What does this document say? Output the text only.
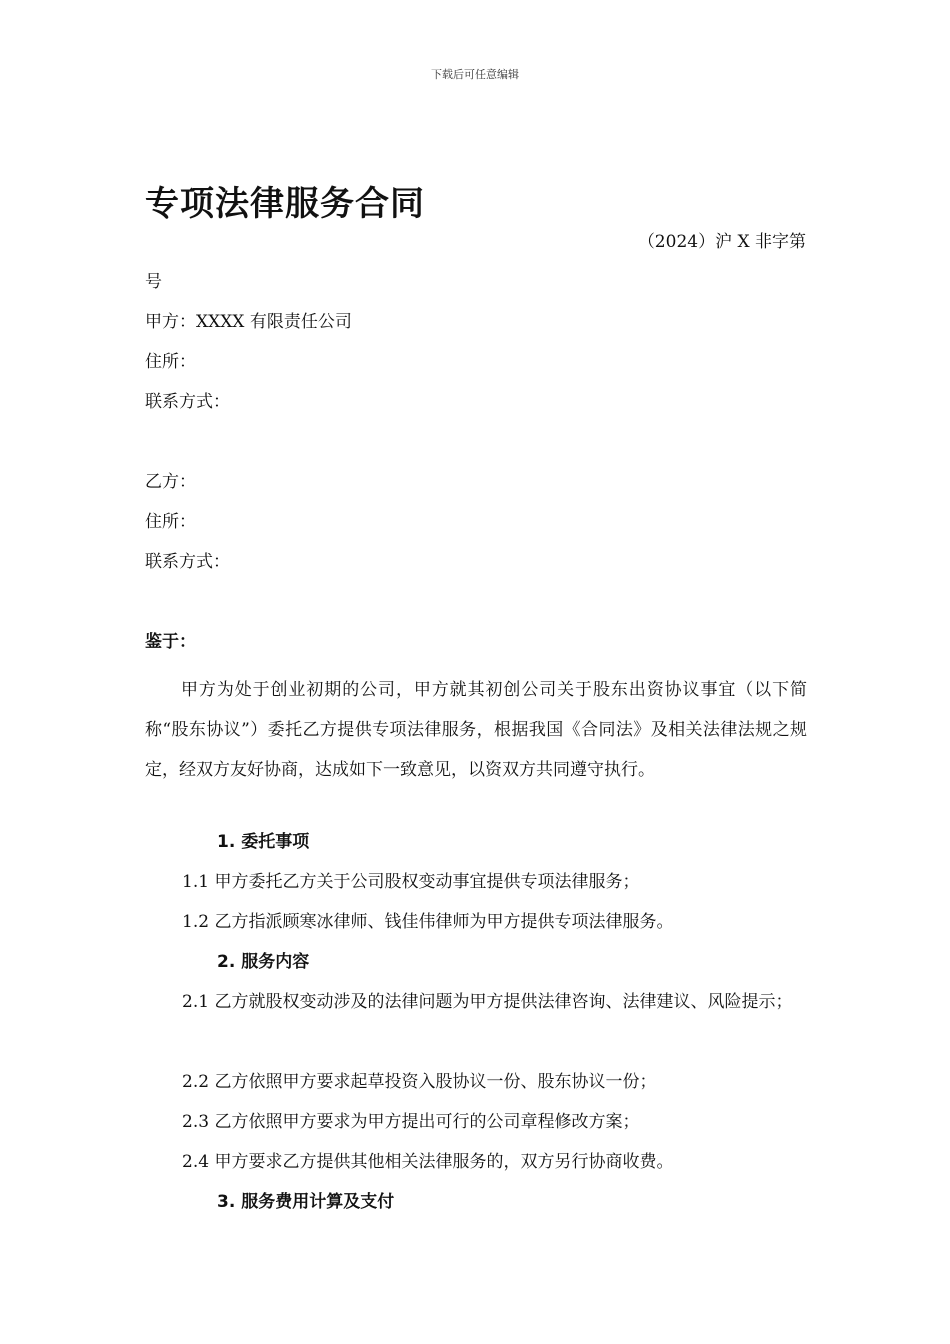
下载后可任意编辑
专项法律服务合同
（2024）沪 X 非字第
号
甲方：XXXX 有限责任公司
住所：
联系方式：
乙方：
住所：
联系方式：
鉴于：
甲方为处于创业初期的公司，甲方就其初创公司关于股东出资协议事宜（以下简称“股东协议”）委托乙方提供专项法律服务，根据我国《合同法》及相关法律法规之规定，经双方友好协商，达成如下一致意见，以资双方共同遵守执行。
1. 委托事项
1.1 甲方委托乙方关于公司股权变动事宜提供专项法律服务；
1.2 乙方指派顾寒冰律师、钱佳伟律师为甲方提供专项法律服务。
2. 服务内容
2.1 乙方就股权变动涉及的法律问题为甲方提供法律咨询、法律建议、风险提示；
2.2 乙方依照甲方要求起草投资入股协议一份、股东协议一份；
2.3 乙方依照甲方要求为甲方提出可行的公司章程修改方案；
2.4 甲方要求乙方提供其他相关法律服务的，双方另行协商收费。
3. 服务费用计算及支付
